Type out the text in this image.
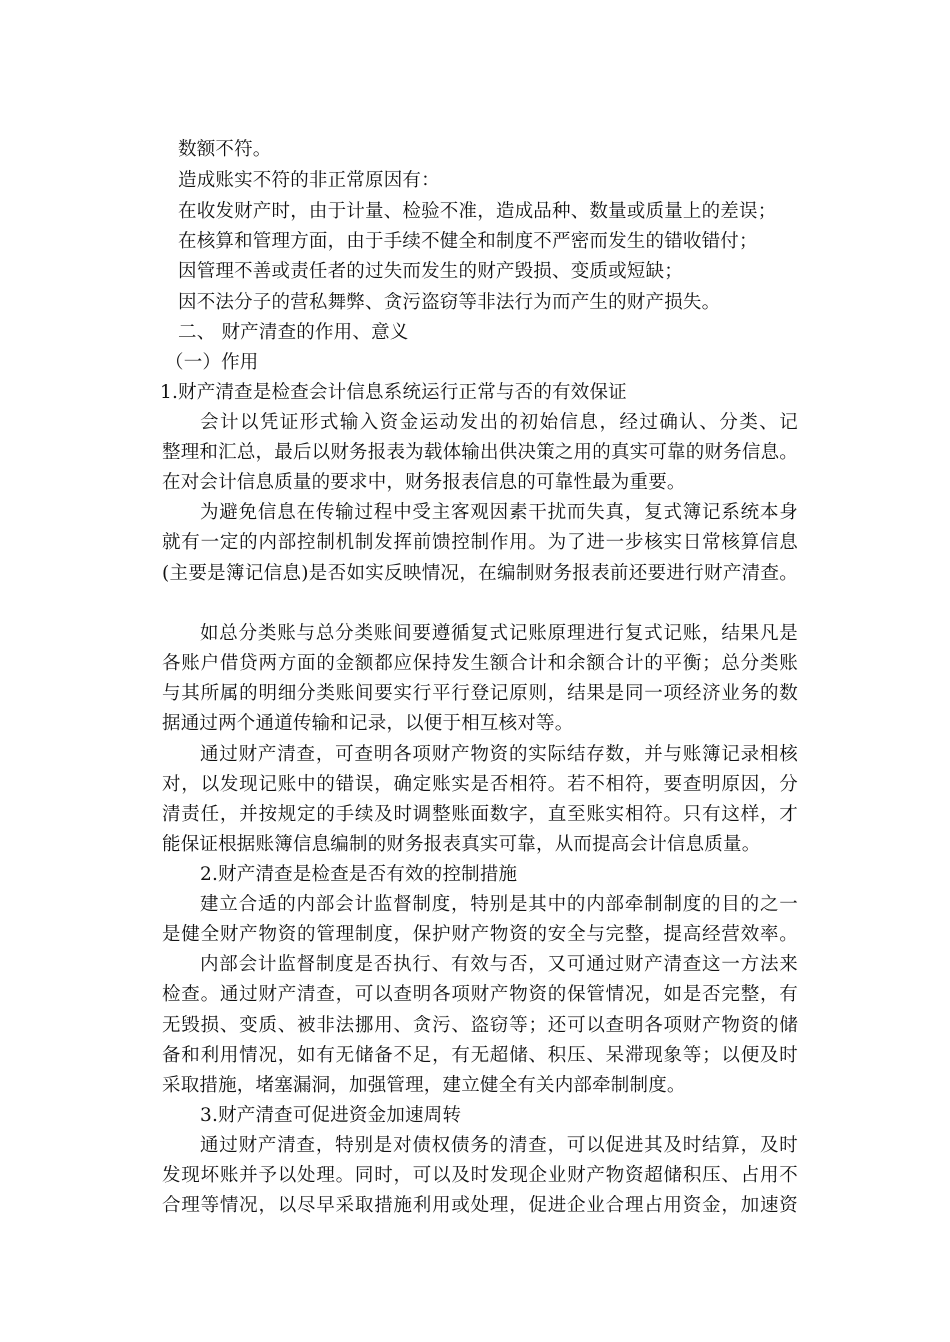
数额不符。
造成账实不符的非正常原因有：
在收发财产时，由于计量、检验不准，造成品种、数量或质量上的差误；
在核算和管理方面，由于手续不健全和制度不严密而发生的错收错付；
因管理不善或责任者的过失而发生的财产毁损、变质或短缺；
因不法分子的营私舞弊、贪污盗窃等非法行为而产生的财产损失。
二、 财产清查的作用、意义
（一）作用
1.财产清查是检查会计信息系统运行正常与否的有效保证
会计以凭证形式输入资金运动发出的初始信息，经过确认、分类、记
整理和汇总，最后以财务报表为载体输出供决策之用的真实可靠的财务信息。
在对会计信息质量的要求中，财务报表信息的可靠性最为重要。
为避免信息在传输过程中受主客观因素干扰而失真，复式簿记系统本身
就有一定的内部控制机制发挥前馈控制作用。为了进一步核实日常核算信息
(主要是簿记信息)是否如实反映情况，在编制财务报表前还要进行财产清查。
如总分类账与总分类账间要遵循复式记账原理进行复式记账，结果凡是
各账户借贷两方面的金额都应保持发生额合计和余额合计的平衡；总分类账
与其所属的明细分类账间要实行平行登记原则，结果是同一项经济业务的数
据通过两个通道传输和记录，以便于相互核对等。
通过财产清查，可查明各项财产物资的实际结存数，并与账簿记录相核
对，以发现记账中的错误，确定账实是否相符。若不相符，要查明原因，分
清责任，并按规定的手续及时调整账面数字，直至账实相符。只有这样，才
能保证根据账簿信息编制的财务报表真实可靠，从而提高会计信息质量。
2.财产清查是检查是否有效的控制措施
建立合适的内部会计监督制度，特别是其中的内部牵制制度的目的之一
是健全财产物资的管理制度，保护财产物资的安全与完整，提高经营效率。
内部会计监督制度是否执行、有效与否，又可通过财产清查这一方法来
检查。通过财产清查，可以查明各项财产物资的保管情况，如是否完整，有
无毁损、变质、被非法挪用、贪污、盗窃等；还可以查明各项财产物资的储
备和利用情况，如有无储备不足，有无超储、积压、呆滞现象等；以便及时
采取措施，堵塞漏洞，加强管理，建立健全有关内部牵制制度。
3.财产清查可促进资金加速周转
通过财产清查，特别是对债权债务的清查，可以促进其及时结算，及时
发现坏账并予以处理。同时，可以及时发现企业财产物资超储积压、占用不
合理等情况，以尽早采取措施利用或处理，促进企业合理占用资金，加速资
